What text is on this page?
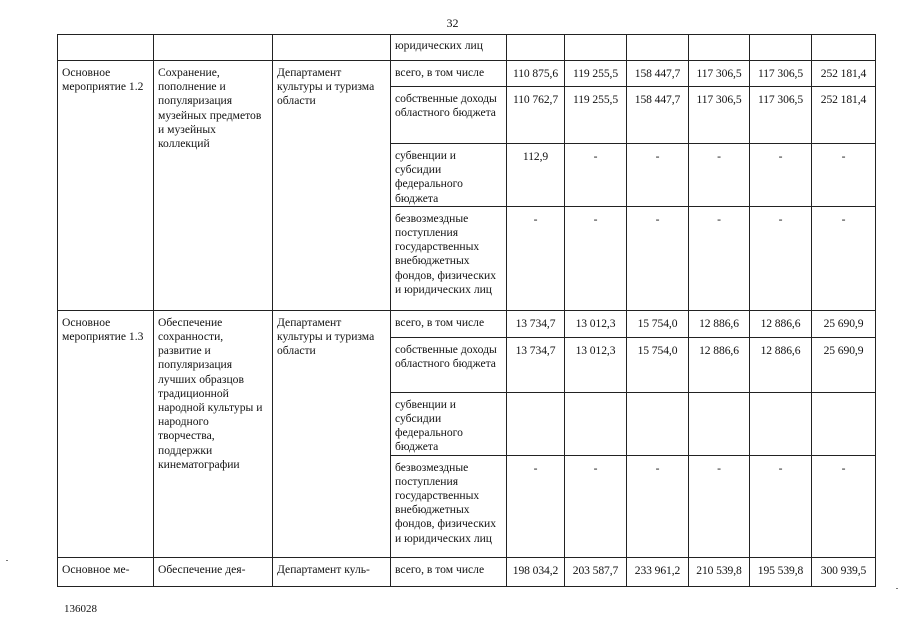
32
			юридических лиц						
Основное мероприятие 1.2	Сохранение, пополнение и популяризация музейных предметов и музейных коллекций	Департамент культуры и туризма области	всего, в том числе	110 875,6	119 255,5	158 447,7	117 306,5	117 306,5	252 181,4
			собственные доходы областного бюджета	110 762,7	119 255,5	158 447,7	117 306,5	117 306,5	252 181,4
			субвенции и субсидии федерального бюджета	112,9	-	-	-	-	-
			безвозмездные поступления государственных внебюджетных фондов, физических и юридических лиц	-	-	-	-	-	-
Основное мероприятие 1.3	Обеспечение сохранности, развитие и популяризация лучших образцов традиционной народной культуры и народного творчества, поддержки кинематографии	Департамент культуры и туризма области	всего, в том числе	13 734,7	13 012,3	15 754,0	12 886,6	12 886,6	25 690,9
			собственные доходы областного бюджета	13 734,7	13 012,3	15 754,0	12 886,6	12 886,6	25 690,9
			субвенции и субсидии федерального бюджета						
			безвозмездные поступления государственных внебюджетных фондов, физических и юридических лиц	-	-	-	-	-	-
Основное ме-	Обеспечение дея-	Департамент куль-	всего, в том числе	198 034,2	203 587,7	233 961,2	210 539,8	195 539,8	300 939,5
136028
